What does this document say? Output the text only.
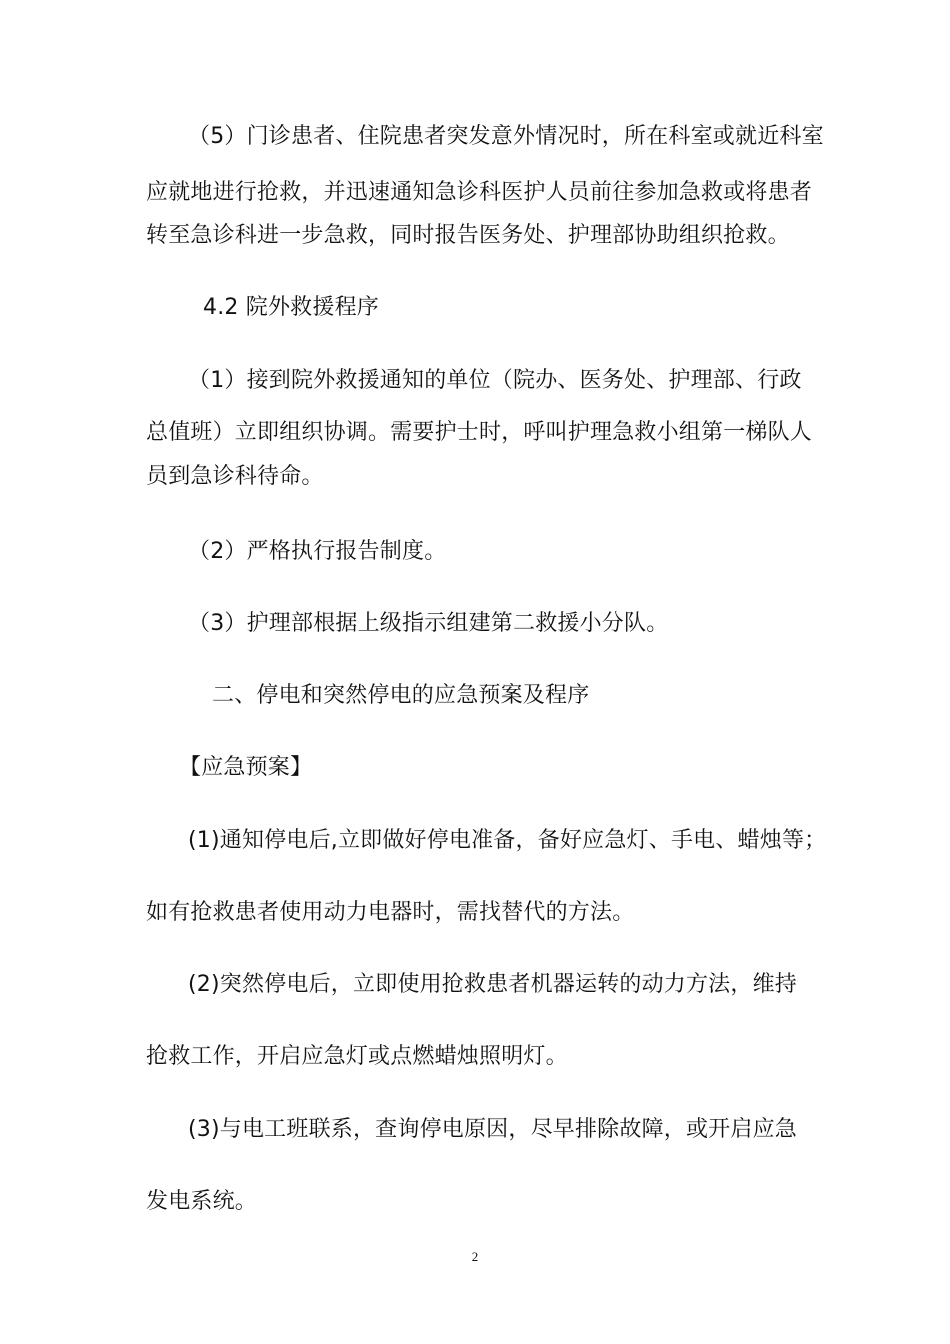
（5）门诊患者、住院患者突发意外情况时，所在科室或就近科室
应就地进行抢救，并迅速通知急诊科医护人员前往参加急救或将患者
转至急诊科进一步急救，同时报告医务处、护理部协助组织抢救。
4.2 院外救援程序
（1）接到院外救援通知的单位（院办、医务处、护理部、行政
总值班）立即组织协调。需要护士时，呼叫护理急救小组第一梯队人
员到急诊科待命。
（2）严格执行报告制度。
（3）护理部根据上级指示组建第二救援小分队。
二、停电和突然停电的应急预案及程序
【应急预案】
(1)通知停电后,立即做好停电准备，备好应急灯、手电、蜡烛等；
如有抢救患者使用动力电器时，需找替代的方法。
(2)突然停电后，立即使用抢救患者机器运转的动力方法，维持
抢救工作，开启应急灯或点燃蜡烛照明灯。
(3)与电工班联系，查询停电原因，尽早排除故障，或开启应急
发电系统。
2
